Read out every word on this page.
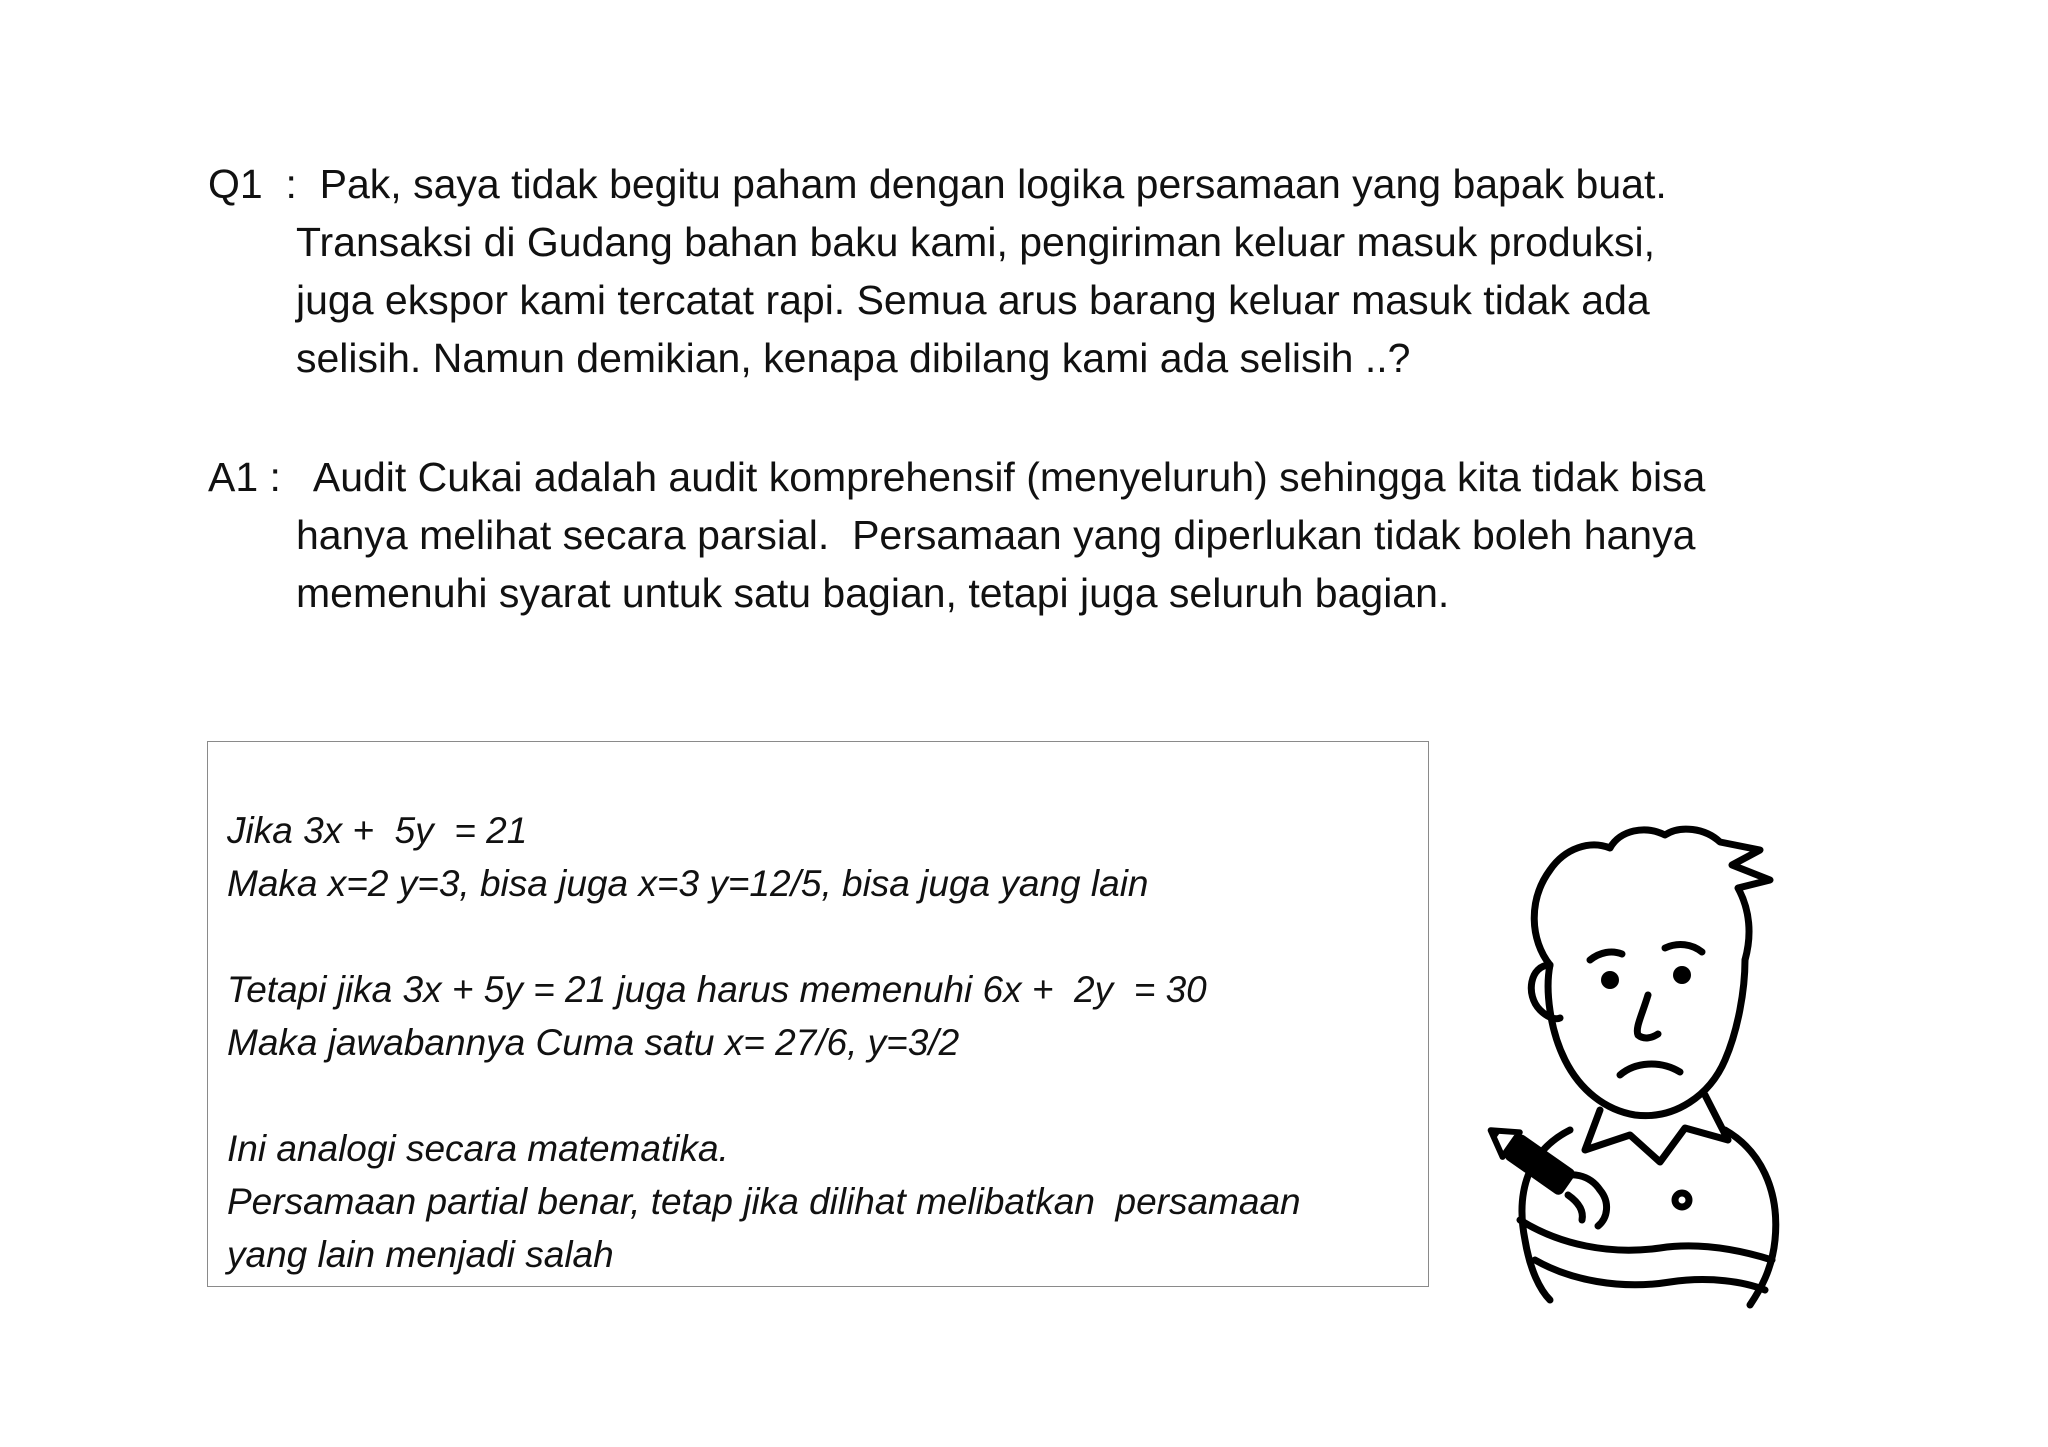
Q1  :  Pak, saya tidak begitu paham dengan logika persamaan yang bapak buat.
Transaksi di Gudang bahan baku kami, pengiriman keluar masuk produksi,
juga ekspor kami tercatat rapi. Semua arus barang keluar masuk tidak ada
selisih. Namun demikian, kenapa dibilang kami ada selisih ..?
A1 :   Audit Cukai adalah audit komprehensif (menyeluruh) sehingga kita tidak bisa
hanya melihat secara parsial.  Persamaan yang diperlukan tidak boleh hanya
memenuhi syarat untuk satu bagian, tetapi juga seluruh bagian.
Jika 3x +  5y  = 21
Maka x=2 y=3, bisa juga x=3 y=12/5, bisa juga yang lain
Tetapi jika 3x + 5y = 21 juga harus memenuhi 6x +  2y  = 30
Maka jawabannya Cuma satu x= 27/6, y=3/2
Ini analogi secara matematika.
Persamaan partial benar, tetap jika dilihat melibatkan  persamaan
yang lain menjadi salah
